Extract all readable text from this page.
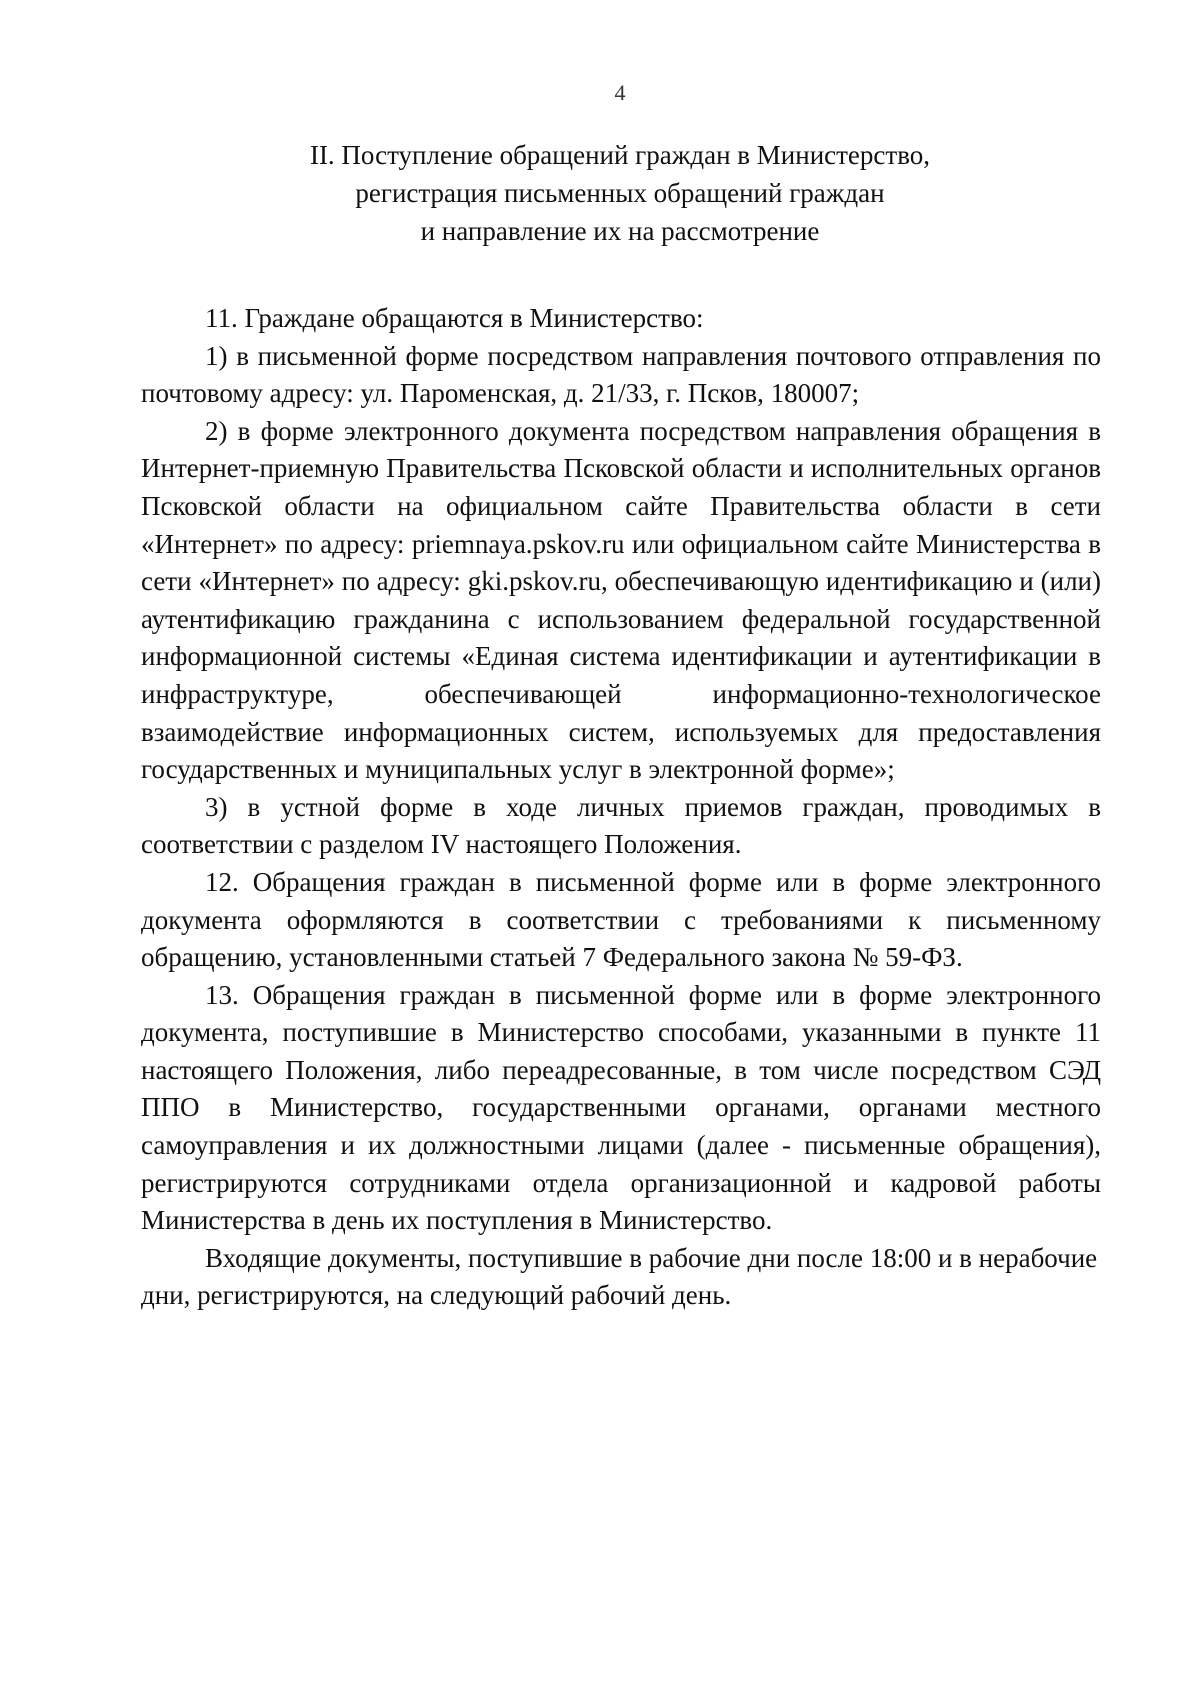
4
II. Поступление обращений граждан в Министерство,
регистрация письменных обращений граждан
и направление их на рассмотрение

11. Граждане обращаются в Министерство:

1) в письменной форме посредством направления почтового отправления по почтовому адресу: ул. Пароменская, д. 21/33, г. Псков, 180007;

2) в форме электронного документа посредством направления обращения в Интернет-приемную Правительства Псковской области и исполнительных органов Псковской области на официальном сайте Правительства области в сети «Интернет» по адресу: priemnaya.pskov.ru или официальном сайте Министерства в сети «Интернет» по адресу: gki.pskov.ru, обеспечивающую идентификацию и (или) аутентификацию гражданина с использованием федеральной государственной информационной системы «Единая система идентификации и аутентификации в инфраструктуре, обеспечивающей информационно-технологическое взаимодействие информационных систем, используемых для предоставления государственных и муниципальных услуг в электронной форме»;

3) в устной форме в ходе личных приемов граждан, проводимых в соответствии с разделом IV настоящего Положения.

12. Обращения граждан в письменной форме или в форме электронного документа оформляются в соответствии с требованиями к письменному обращению, установленными статьей 7 Федерального закона № 59-ФЗ.

13. Обращения граждан в письменной форме или в форме электронного документа, поступившие в Министерство способами, указанными в пункте 11 настоящего Положения, либо переадресованные, в том числе посредством СЭД ППО в Министерство, государственными органами, органами местного самоуправления и их должностными лицами (далее - письменные обращения), регистрируются сотрудниками отдела организационной и кадровой работы Министерства в день их поступления в Министерство.

Входящие документы, поступившие в рабочие дни после 18:00 и в нерабочие дни, регистрируются, на следующий рабочий день.
